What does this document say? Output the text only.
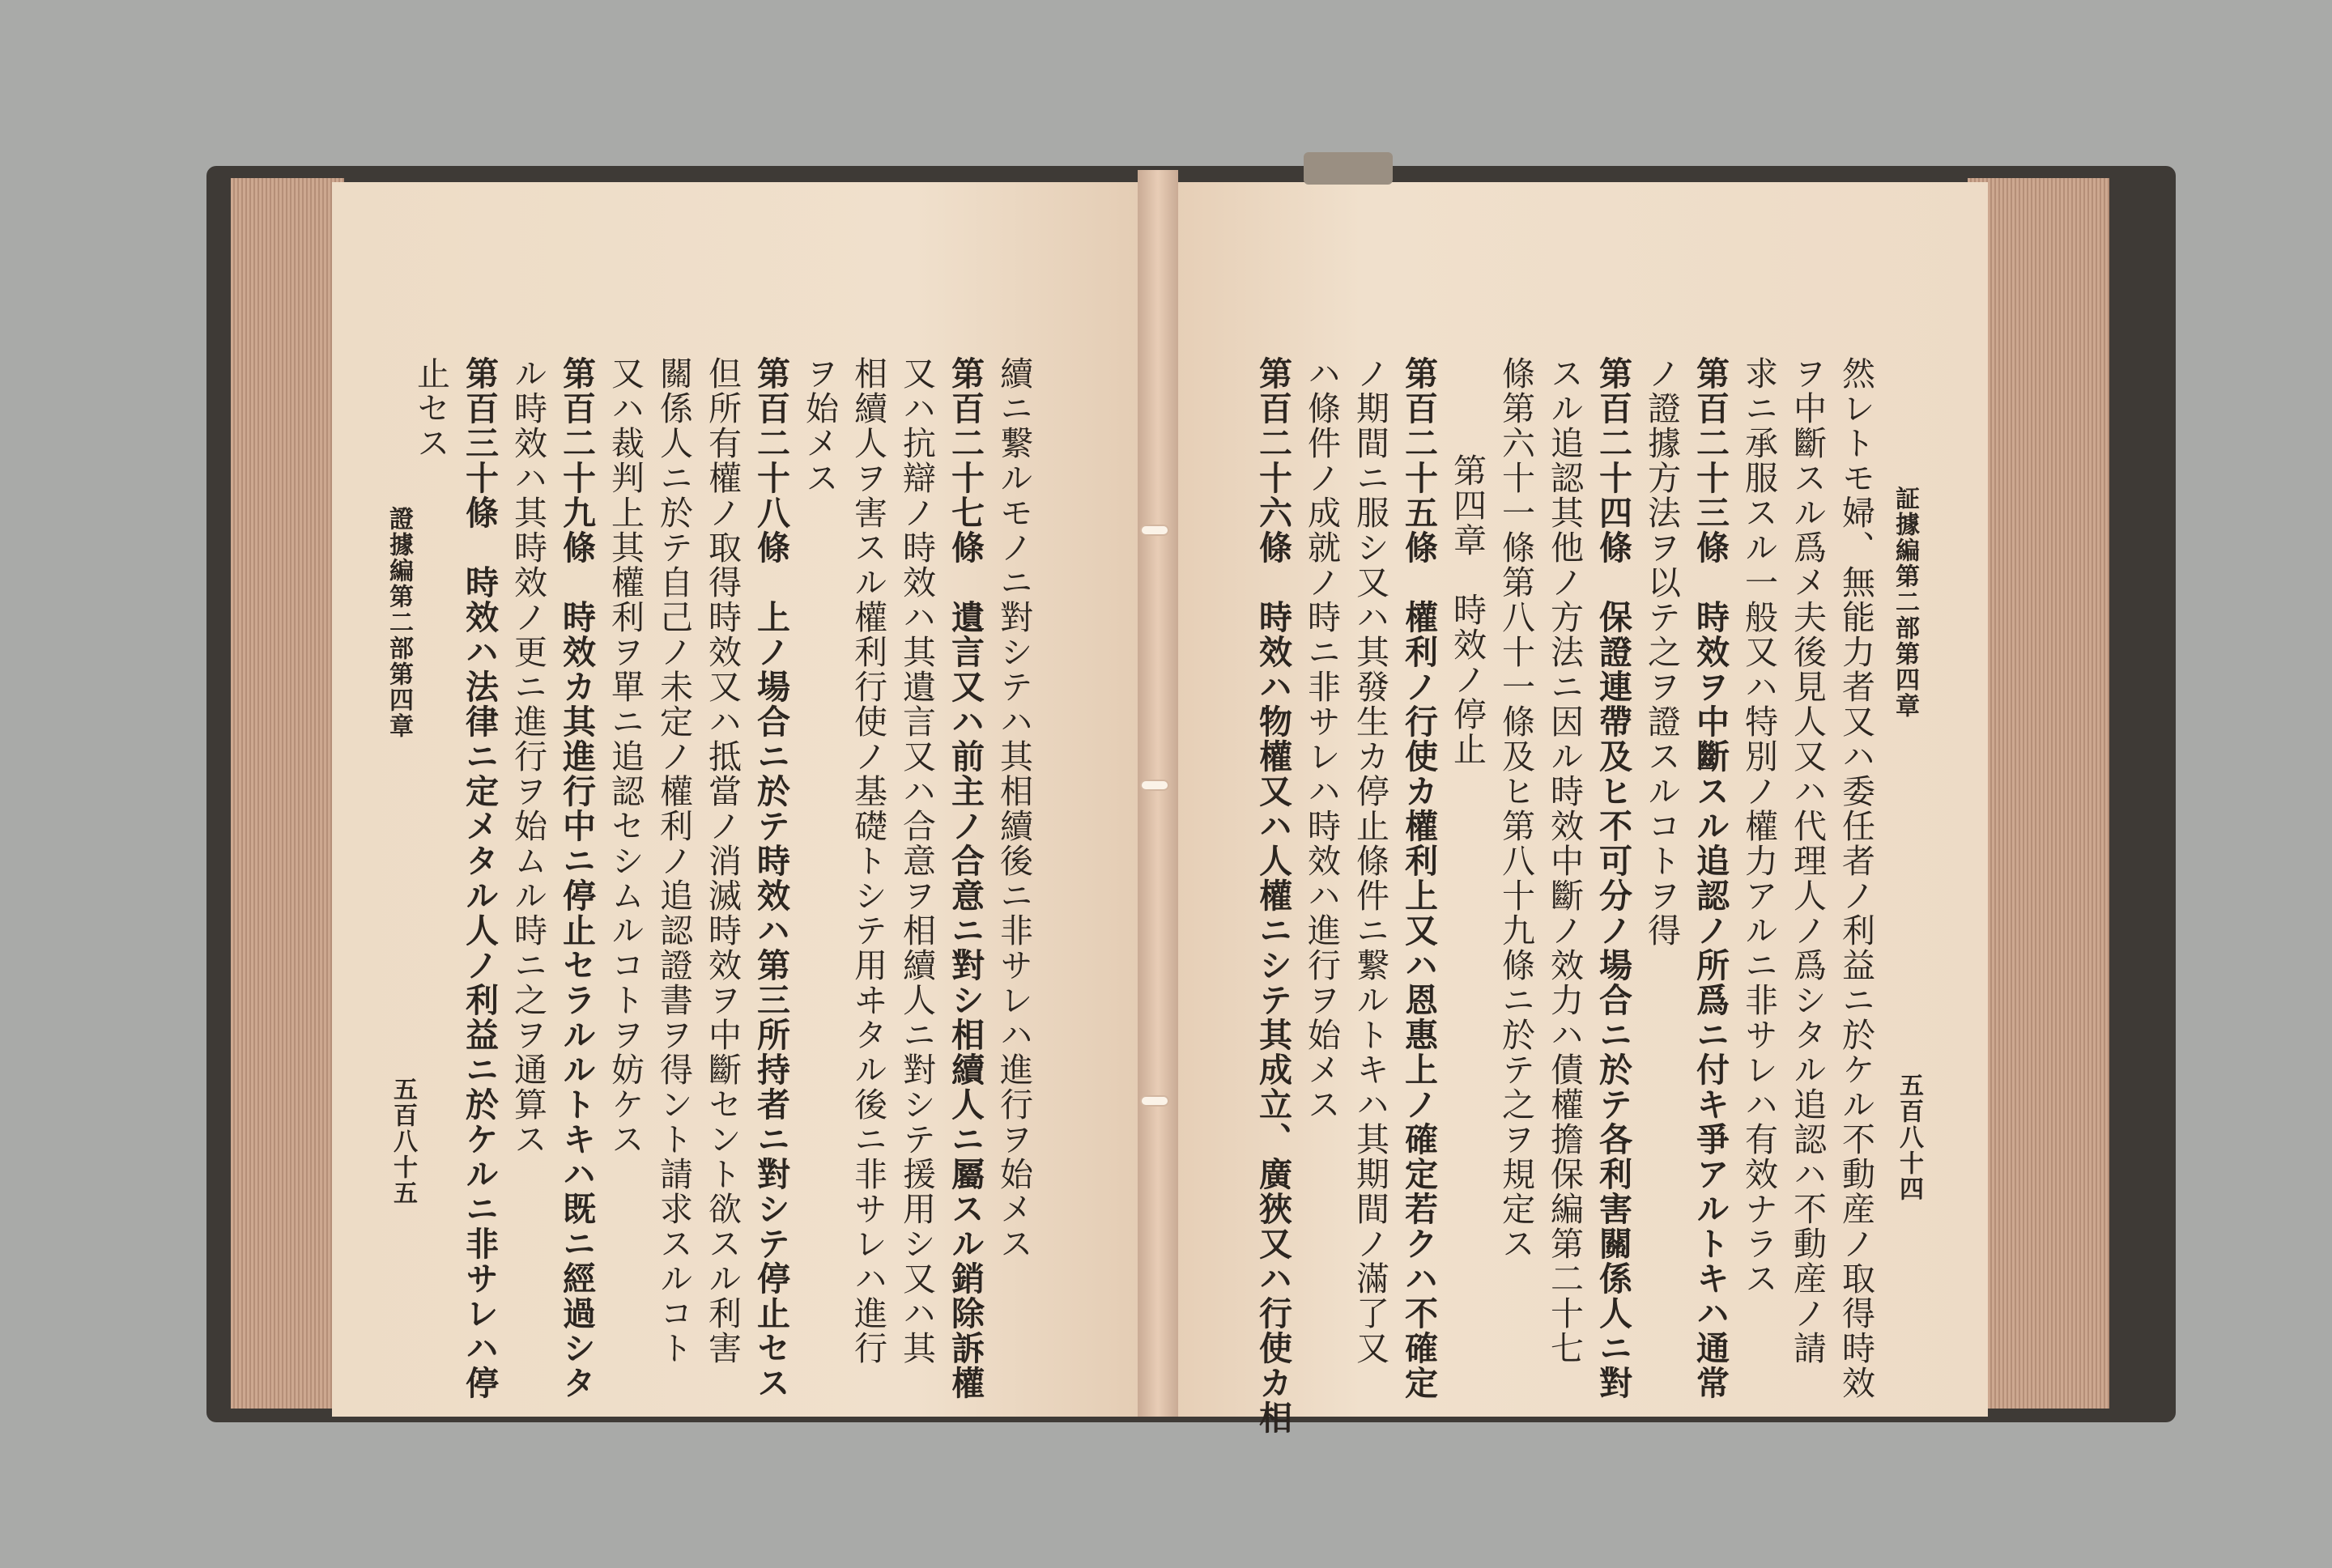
証據編第二部第四章
五百八十四
然レトモ婦、無能力者又ハ委任者ノ利益ニ於ケル不動産ノ取得時效
ヲ中斷スル爲メ夫後見人又ハ代理人ノ爲シタル追認ハ不動産ノ請
求ニ承服スル一般又ハ特別ノ權力アルニ非サレハ有效ナラス
第百二十三條　時效ヲ中斷スル追認ノ所爲ニ付キ爭アルトキハ通常
ノ證據方法ヲ以テ之ヲ證スルコトヲ得
第百二十四條　保證連帶及ヒ不可分ノ場合ニ於テ各利害關係人ニ對
スル追認其他ノ方法ニ因ル時效中斷ノ效力ハ債權擔保編第二十七
條第六十一條第八十一條及ヒ第八十九條ニ於テ之ヲ規定ス
第四章　時效ノ停止
第百二十五條　權利ノ行使カ權利上又ハ恩惠上ノ確定若クハ不確定
ノ期間ニ服シ又ハ其發生カ停止條件ニ繋ルトキハ其期間ノ滿了又
ハ條件ノ成就ノ時ニ非サレハ時效ハ進行ヲ始メス
第百二十六條　時效ハ物權又ハ人權ニシテ其成立、廣狹又ハ行使カ相
續ニ繋ルモノニ對シテハ其相續後ニ非サレハ進行ヲ始メス
第百二十七條　遺言又ハ前主ノ合意ニ對シ相續人ニ屬スル銷除訴權
又ハ抗辯ノ時效ハ其遺言又ハ合意ヲ相續人ニ對シテ援用シ又ハ其
相續人ヲ害スル權利行使ノ基礎トシテ用ヰタル後ニ非サレハ進行
ヲ始メス
第百二十八條　上ノ場合ニ於テ時效ハ第三所持者ニ對シテ停止セス
但所有權ノ取得時效又ハ抵當ノ消滅時效ヲ中斷セント欲スル利害
關係人ニ於テ自己ノ未定ノ權利ノ追認證書ヲ得ント請求スルコト
又ハ裁判上其權利ヲ單ニ追認セシムルコトヲ妨ケス
第百二十九條　時效カ其進行中ニ停止セラルルトキハ既ニ經過シタ
ル時效ハ其時效ノ更ニ進行ヲ始ムル時ニ之ヲ通算ス
第百三十條　時效ハ法律ニ定メタル人ノ利益ニ於ケルニ非サレハ停
止セス
證據編第二部第四章
五百八十五
